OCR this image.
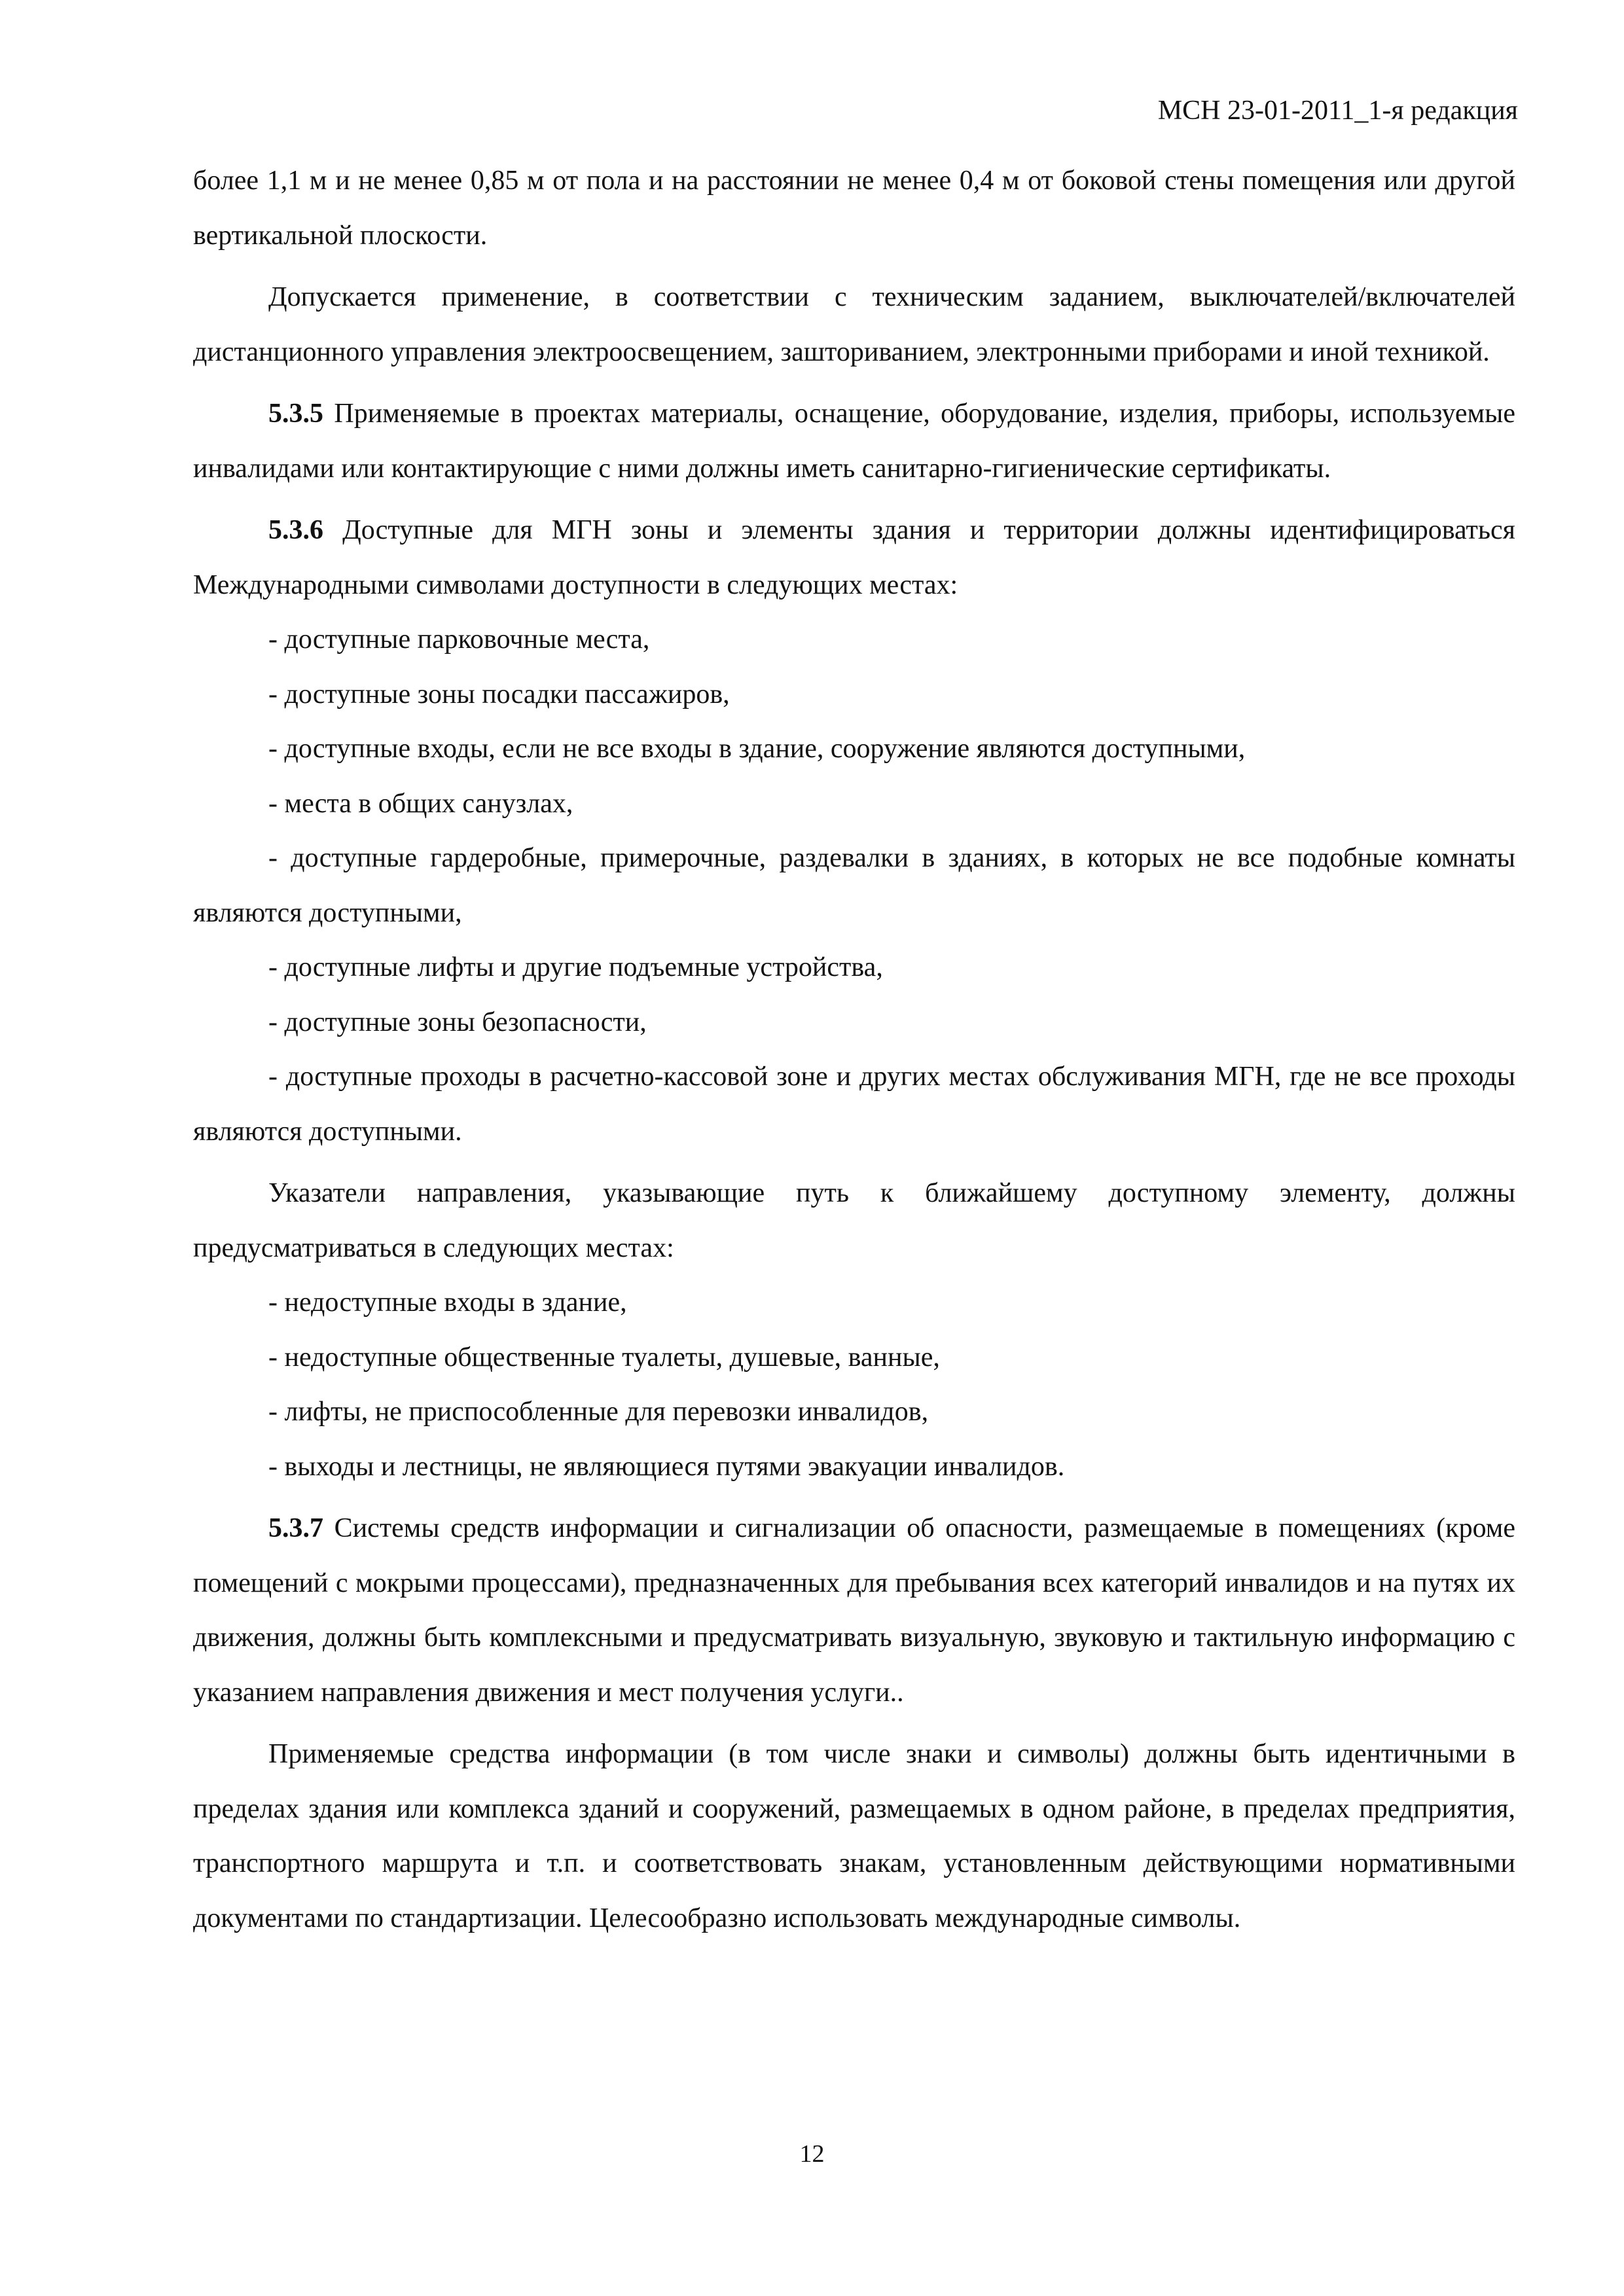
МСН 23-01-2011_1-я редакция

более 1,1 м и не менее 0,85 м от пола и на расстоянии не менее 0,4 м от боковой стены помещения или другой вертикальной плоскости.

Допускается применение, в соответствии с техническим заданием, выключателей/включателей дистанционного управления электроосвещением, зашториванием, электронными приборами и иной техникой.

5.3.5 Применяемые в проектах материалы, оснащение, оборудование, изделия, приборы, используемые инвалидами или контактирующие с ними должны иметь санитарно-гигиенические сертификаты.

5.3.6 Доступные для МГН зоны и элементы здания и территории должны идентифицироваться Международными символами доступности в следующих местах:

- доступные парковочные места,

- доступные зоны посадки пассажиров,

- доступные входы, если не все входы в здание, сооружение являются доступными,

- места в общих санузлах,

- доступные гардеробные, примерочные, раздевалки в зданиях, в которых не все подобные комнаты являются доступными,

- доступные лифты и другие подъемные устройства,

- доступные зоны безопасности,

- доступные проходы в расчетно-кассовой зоне и других местах обслуживания МГН, где не все проходы являются доступными.

Указатели направления, указывающие путь к ближайшему доступному элементу, должны предусматриваться в следующих местах:

- недоступные входы в здание,

- недоступные общественные туалеты, душевые, ванные,

- лифты, не приспособленные для перевозки инвалидов,

- выходы и лестницы, не являющиеся путями эвакуации инвалидов.

5.3.7 Системы средств информации и сигнализации об опасности, размещаемые в помещениях (кроме помещений с мокрыми процессами), предназначенных для пребывания всех категорий инвалидов и на путях их движения, должны быть комплексными и предусматривать визуальную, звуковую и тактильную информацию с указанием направления движения и мест получения услуги..

Применяемые средства информации (в том числе знаки и символы) должны быть идентичными в пределах здания или комплекса зданий и сооружений, размещаемых в одном районе, в пределах предприятия, транспортного маршрута и т.п. и соответствовать знакам, установленным действующими нормативными документами по стандартизации. Целесообразно использовать международные символы.

12
